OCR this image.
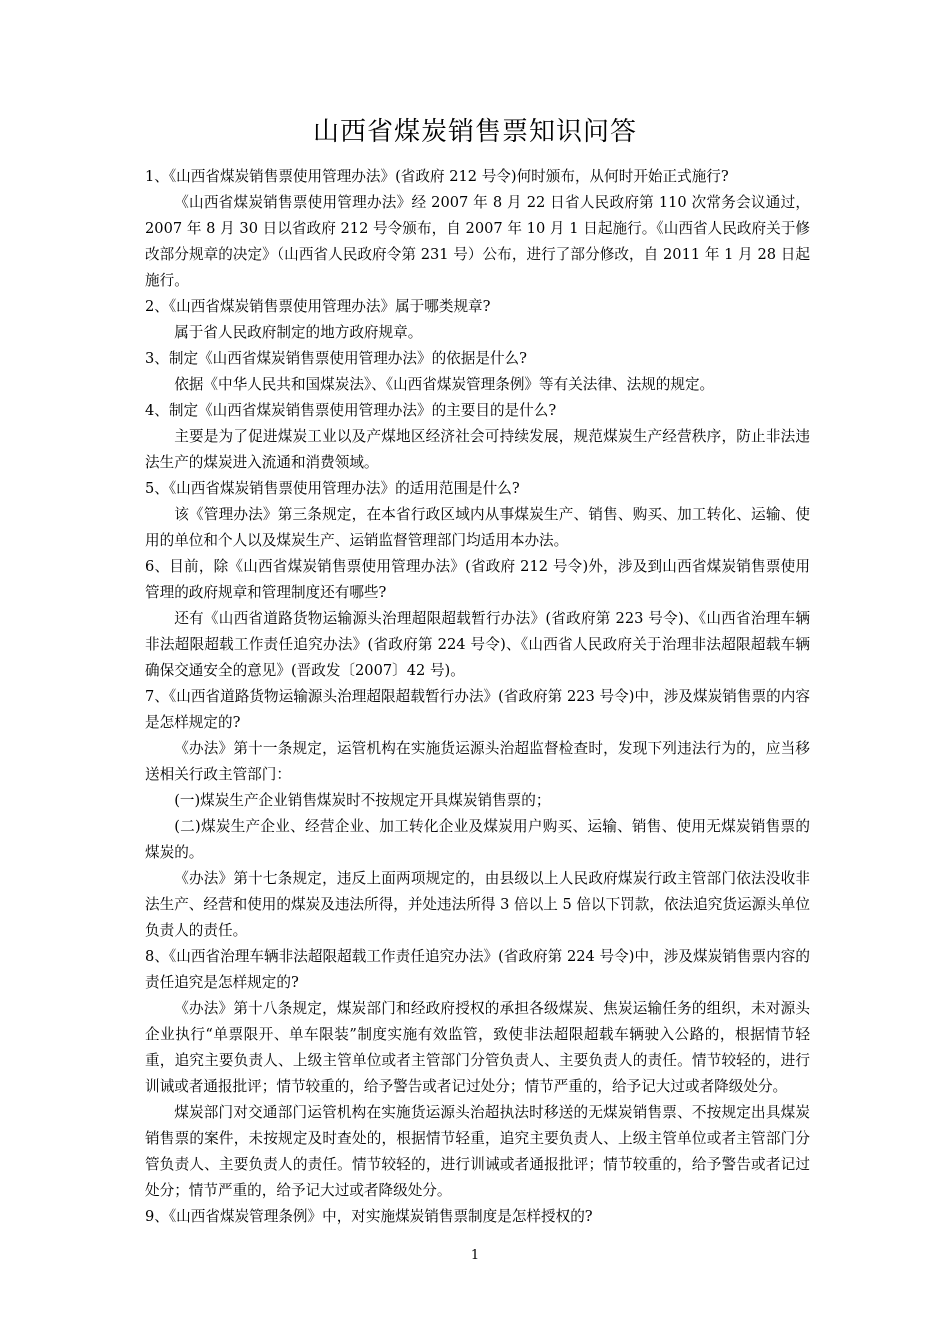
山西省煤炭销售票知识问答

1、《山西省煤炭销售票使用管理办法》(省政府 212 号令)何时颁布，从何时开始正式施行?

《山西省煤炭销售票使用管理办法》经 2007 年 8 月 22 日省人民政府第 110 次常务会议通过，2007 年 8 月 30 日以省政府 212 号令颁布，自 2007 年 10 月 1 日起施行。《山西省人民政府关于修改部分规章的决定》（山西省人民政府令第 231 号）公布，进行了部分修改，自 2011 年 1 月 28 日起施行。

2、《山西省煤炭销售票使用管理办法》属于哪类规章?

属于省人民政府制定的地方政府规章。

3、制定《山西省煤炭销售票使用管理办法》的依据是什么?

依据《中华人民共和国煤炭法》、《山西省煤炭管理条例》等有关法律、法规的规定。

4、制定《山西省煤炭销售票使用管理办法》的主要目的是什么?

主要是为了促进煤炭工业以及产煤地区经济社会可持续发展，规范煤炭生产经营秩序，防止非法违法生产的煤炭进入流通和消费领域。

5、《山西省煤炭销售票使用管理办法》的适用范围是什么?

该《管理办法》第三条规定，在本省行政区域内从事煤炭生产、销售、购买、加工转化、运输、使用的单位和个人以及煤炭生产、运销监督管理部门均适用本办法。

6、目前，除《山西省煤炭销售票使用管理办法》(省政府 212 号令)外，涉及到山西省煤炭销售票使用管理的政府规章和管理制度还有哪些?

还有《山西省道路货物运输源头治理超限超载暂行办法》(省政府第 223 号令)、《山西省治理车辆非法超限超载工作责任追究办法》(省政府第 224 号令)、《山西省人民政府关于治理非法超限超载车辆确保交通安全的意见》(晋政发〔2007〕42 号)。

7、《山西省道路货物运输源头治理超限超载暂行办法》(省政府第 223 号令)中，涉及煤炭销售票的内容是怎样规定的?

《办法》第十一条规定，运管机构在实施货运源头治超监督检查时，发现下列违法行为的，应当移送相关行政主管部门：

(一)煤炭生产企业销售煤炭时不按规定开具煤炭销售票的；

(二)煤炭生产企业、经营企业、加工转化企业及煤炭用户购买、运输、销售、使用无煤炭销售票的煤炭的。

《办法》第十七条规定，违反上面两项规定的，由县级以上人民政府煤炭行政主管部门依法没收非法生产、经营和使用的煤炭及违法所得，并处违法所得 3 倍以上 5 倍以下罚款，依法追究货运源头单位负责人的责任。

8、《山西省治理车辆非法超限超载工作责任追究办法》(省政府第 224 号令)中，涉及煤炭销售票内容的责任追究是怎样规定的?

《办法》第十八条规定，煤炭部门和经政府授权的承担各级煤炭、焦炭运输任务的组织，未对源头企业执行“单票限开、单车限装”制度实施有效监管，致使非法超限超载车辆驶入公路的，根据情节轻重，追究主要负责人、上级主管单位或者主管部门分管负责人、主要负责人的责任。情节较轻的，进行训诫或者通报批评；情节较重的，给予警告或者记过处分；情节严重的，给予记大过或者降级处分。

煤炭部门对交通部门运管机构在实施货运源头治超执法时移送的无煤炭销售票、不按规定出具煤炭销售票的案件，未按规定及时查处的，根据情节轻重，追究主要负责人、上级主管单位或者主管部门分管负责人、主要负责人的责任。情节较轻的，进行训诫或者通报批评；情节较重的，给予警告或者记过处分；情节严重的，给予记大过或者降级处分。

9、《山西省煤炭管理条例》中，对实施煤炭销售票制度是怎样授权的?

1
